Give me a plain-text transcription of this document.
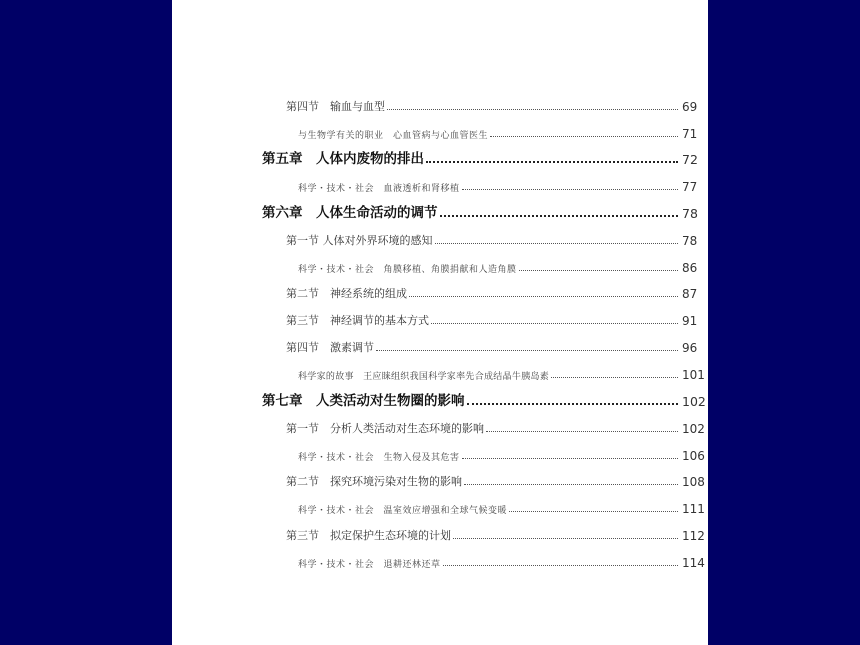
第四节　输血与血型	69
与生物学有关的职业　心血管病与心血管医生	71
第五章　人体内废物的排出	72
科学・技术・社会　血液透析和肾移植	77
第六章　人体生命活动的调节	78
第一节 人体对外界环境的感知	78
科学・技术・社会　角膜移植、角膜捐献和人造角膜	86
第二节　神经系统的组成	87
第三节　神经调节的基本方式	91
第四节　激素调节	96
科学家的故事　王应睐组织我国科学家率先合成结晶牛胰岛素	101
第七章　人类活动对生物圈的影响	102
第一节　分析人类活动对生态环境的影响	102
科学・技术・社会　生物入侵及其危害	106
第二节　探究环境污染对生物的影响	108
科学・技术・社会　温室效应增强和全球气候变暖	111
第三节　拟定保护生态环境的计划	112
科学・技术・社会　退耕还林还草	114
